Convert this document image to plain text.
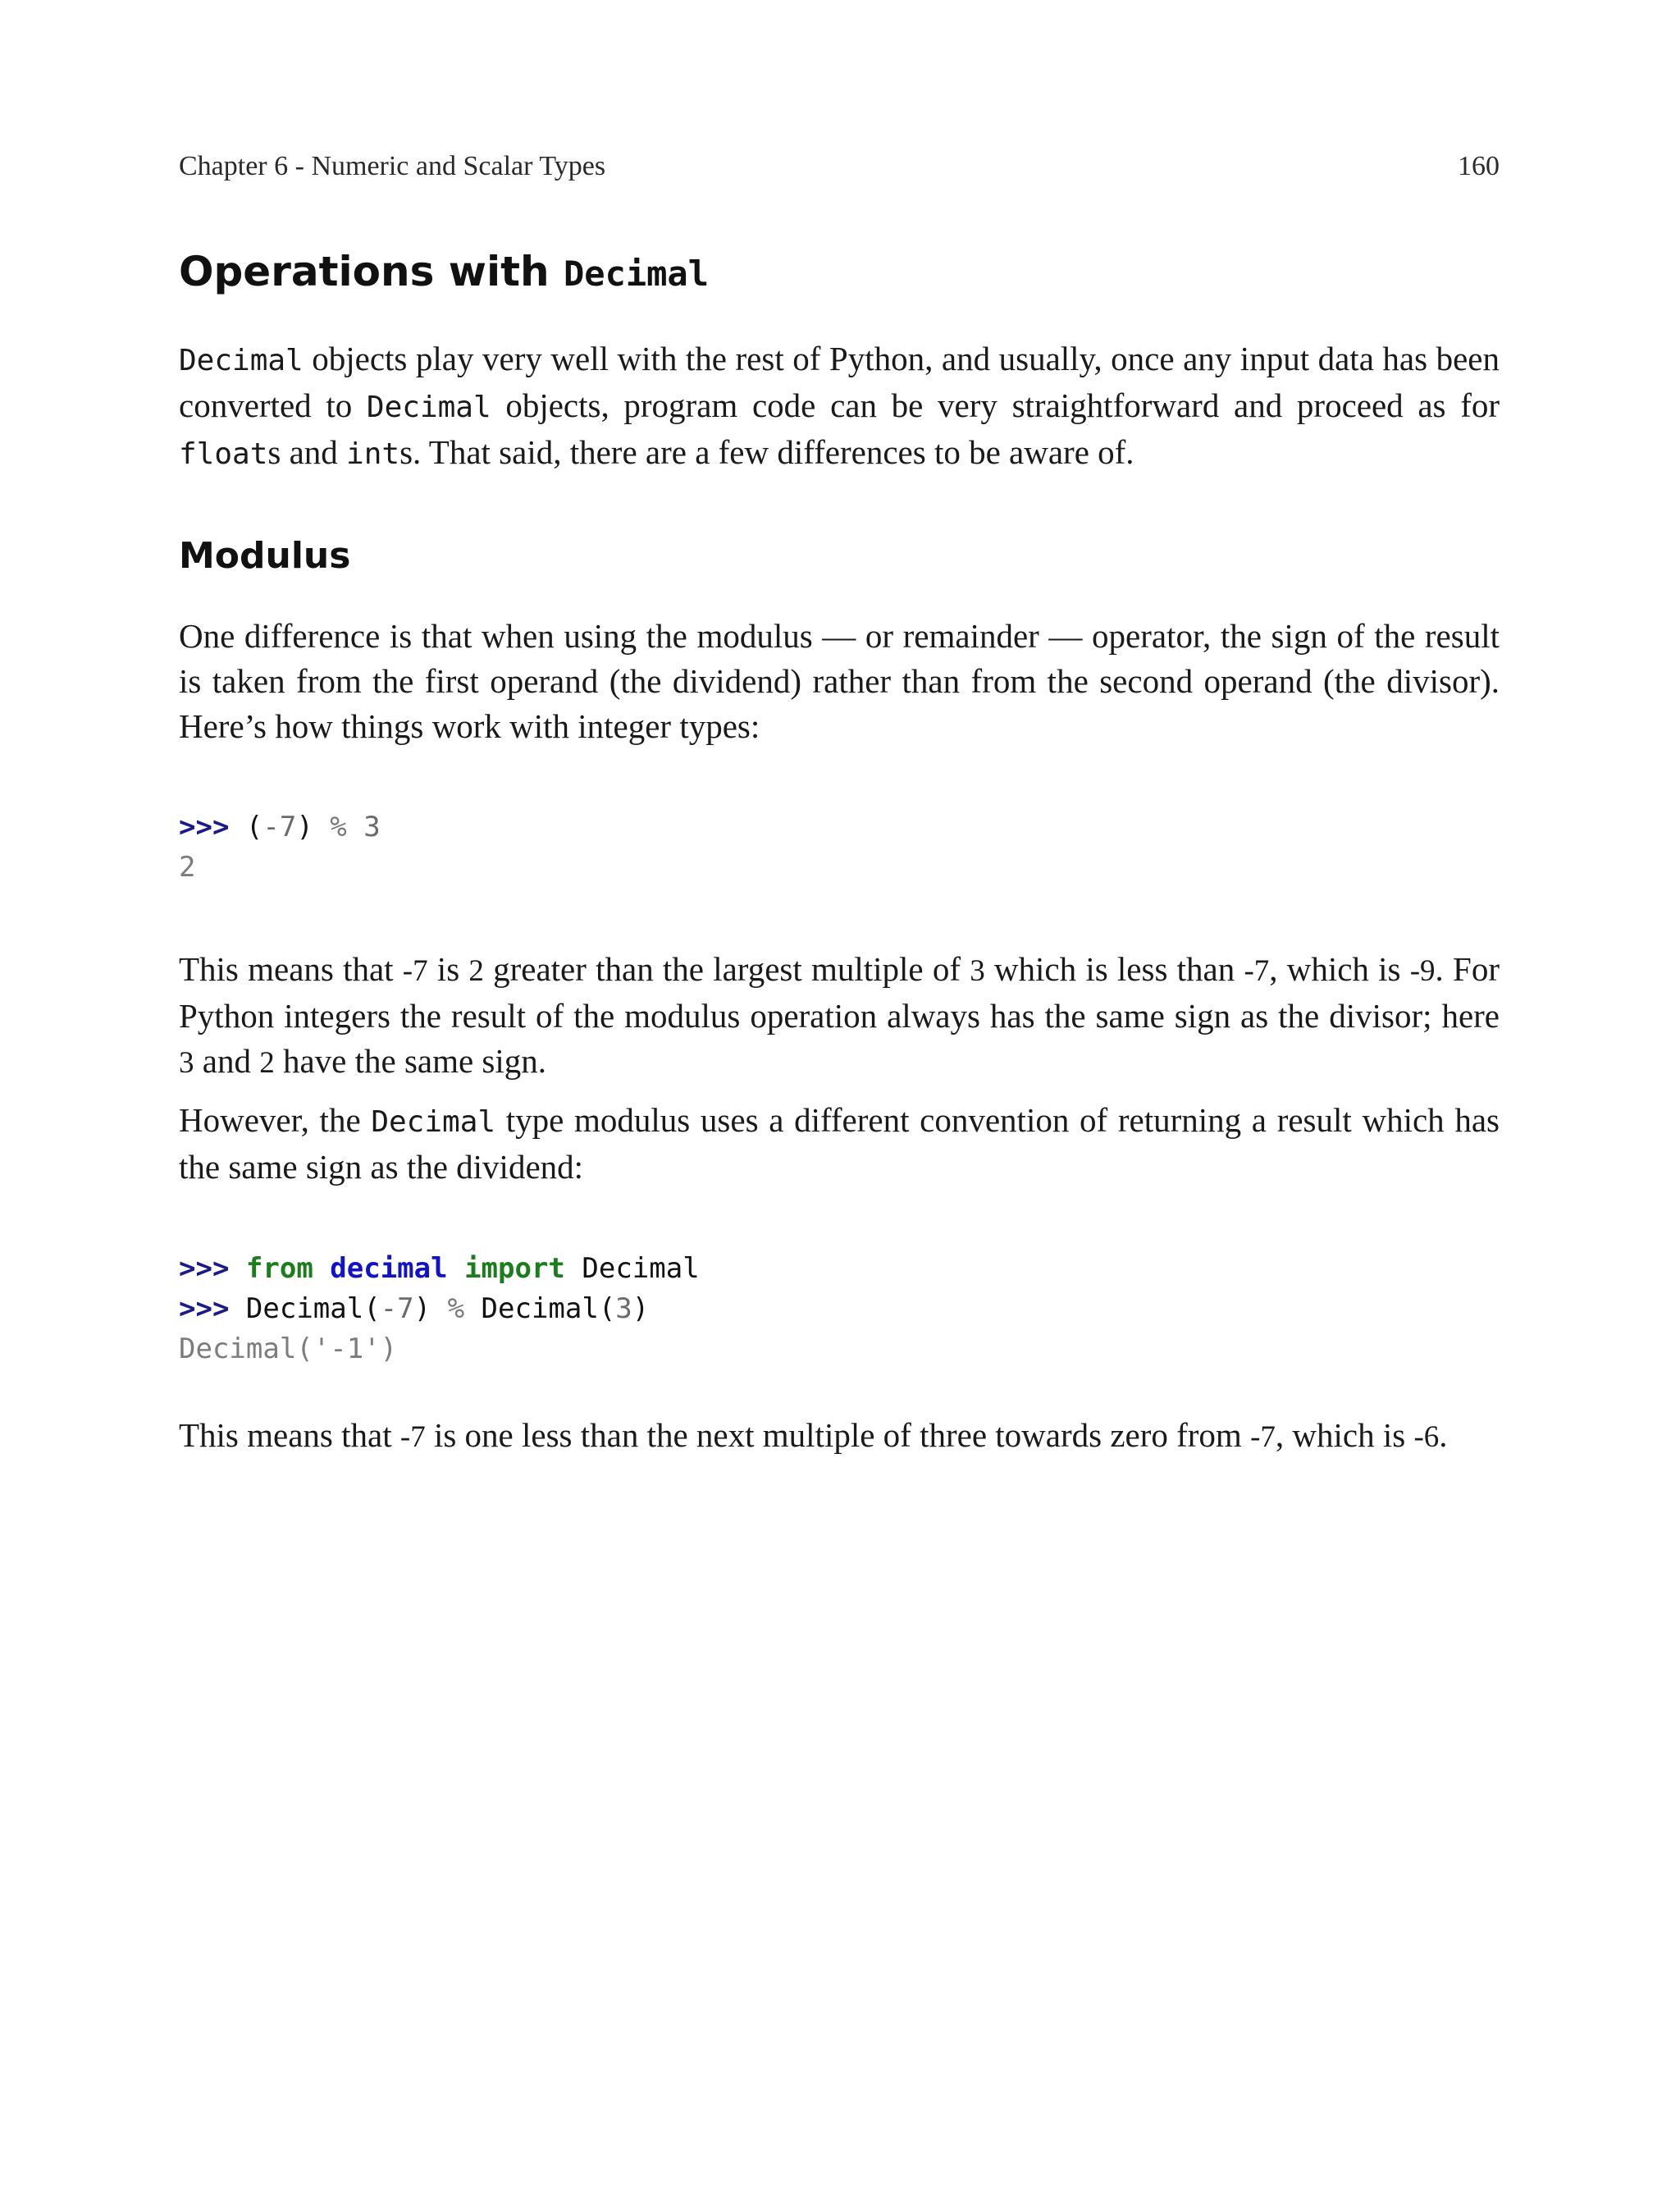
Chapter 6 - Numeric and Scalar Types	160
Operations with Decimal

Decimal objects play very well with the rest of Python, and usually, once any input data has been converted to Decimal objects, program code can be very straightforward and proceed as for floats and ints. That said, there are a few differences to be aware of.

Modulus

One difference is that when using the modulus — or remainder — operator, the sign of the result is taken from the first operand (the dividend) rather than from the second operand (the divisor). Here’s how things work with integer types:

>>> (-7) % 3
2

This means that -7 is 2 greater than the largest multiple of 3 which is less than -7, which is -9. For Python integers the result of the modulus operation always has the same sign as the divisor; here 3 and 2 have the same sign.

However, the Decimal type modulus uses a different convention of returning a result which has the same sign as the dividend:

>>> from decimal import Decimal
>>> Decimal(-7) % Decimal(3)
Decimal('-1')

This means that -7 is one less than the next multiple of three towards zero from -7, which is -6.
